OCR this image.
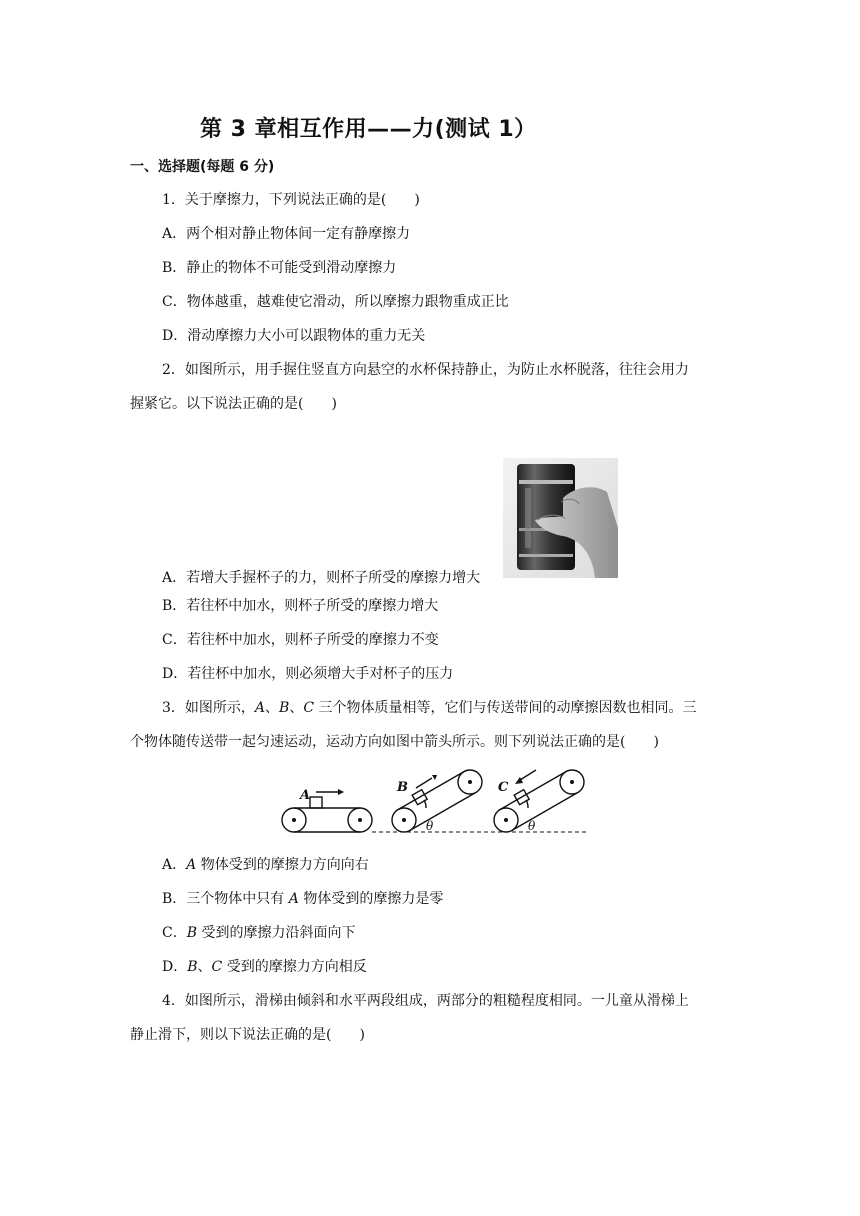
第 3 章相互作用——力(测试 1）
一、选择题(每题 6 分)
1．关于摩擦力，下列说法正确的是(　　)
A．两个相对静止物体间一定有静摩擦力
B．静止的物体不可能受到滑动摩擦力
C．物体越重，越难使它滑动，所以摩擦力跟物重成正比
D．滑动摩擦力大小可以跟物体的重力无关
2．如图所示，用手握住竖直方向悬空的水杯保持静止，为防止水杯脱落，往往会用力
握紧它。以下说法正确的是(　　)
A．若增大手握杯子的力，则杯子所受的摩擦力增大
B．若往杯中加水，则杯子所受的摩擦力增大
C．若往杯中加水，则杯子所受的摩擦力不变
D．若往杯中加水，则必须增大手对杯子的压力
3．如图所示，A、B、C 三个物体质量相等，它们与传送带间的动摩擦因数也相同。三
个物体随传送带一起匀速运动，运动方向如图中箭头所示。则下列说法正确的是(　　)
A
B	C
θ	θ
A．A 物体受到的摩擦力方向向右
B．三个物体中只有 A 物体受到的摩擦力是零
C．B 受到的摩擦力沿斜面向下
D．B、C 受到的摩擦力方向相反
4．如图所示，滑梯由倾斜和水平两段组成，两部分的粗糙程度相同。一儿童从滑梯上
静止滑下，则以下说法正确的是(　　)
